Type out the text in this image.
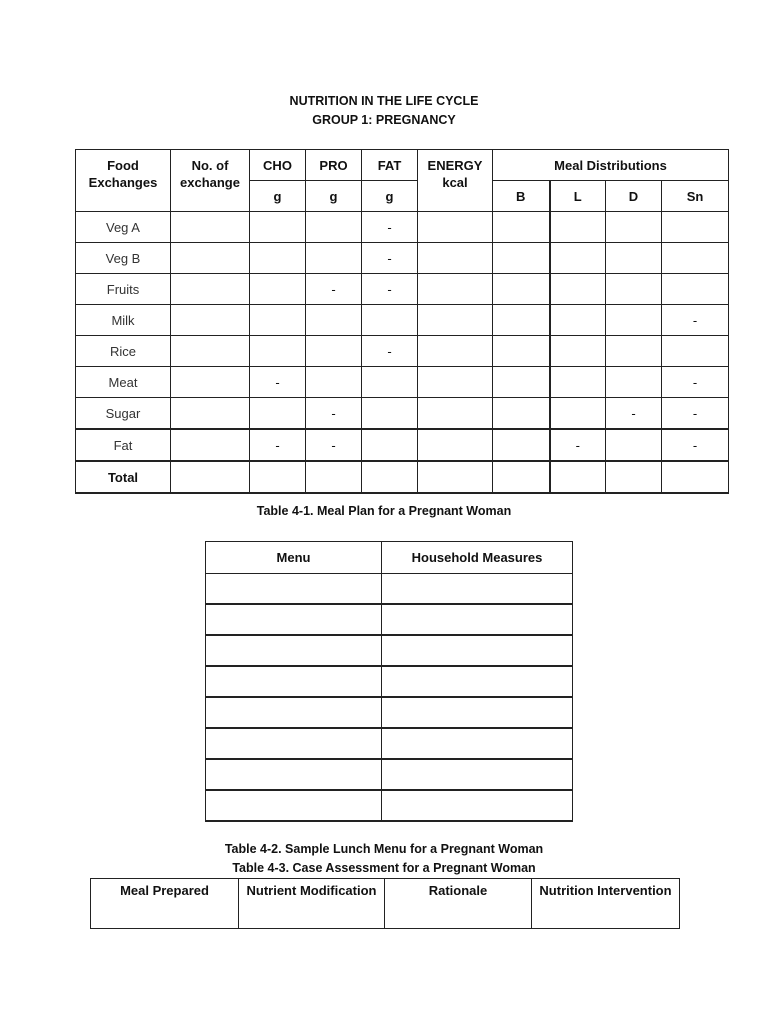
NUTRITION IN THE LIFE CYCLE
GROUP 1: PREGNANCY
Food Exchanges	No. of exchange	CHO	PRO	FAT	ENERGY kcal	Meal Distributions			
		g	g	g		B	L	D	Sn
Veg A				-					
Veg B				-					
Fruits			-	-					
Milk									-
Rice				-					
Meat		-							-
Sugar			-					-	-
Fat		-	-				-		-
Total									
Table 4-1. Meal Plan for a Pregnant Woman
Menu	Household Measures

Table 4-2. Sample Lunch Menu for a Pregnant Woman
Table 4-3. Case Assessment for a Pregnant Woman
Meal Prepared	Nutrient Modification	Rationale	Nutrition Intervention
